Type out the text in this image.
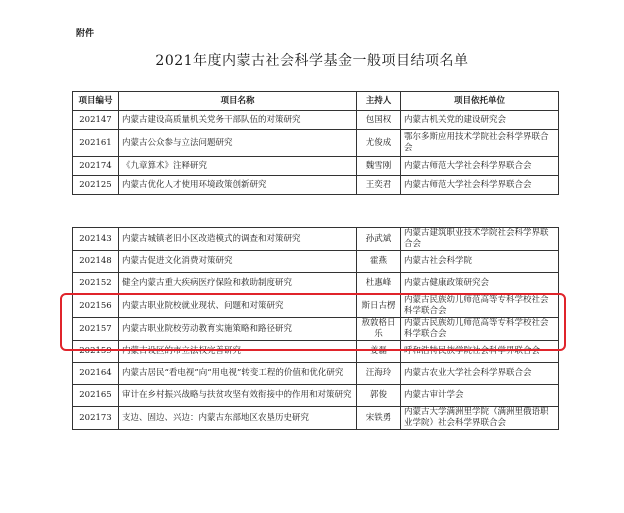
附件
2021年度内蒙古社会科学基金一般项目结项名单
项目编号	项目名称	主持人	项目依托单位
202147	内蒙古建设高质量机关党务干部队伍的对策研究	包国权	内蒙古机关党的建设研究会
202161	内蒙古公众参与立法问题研究	尤俊成	鄂尔多斯应用技术学院社会科学界联合会
202174	《九章算术》注释研究	魏雪刚	内蒙古师范大学社会科学界联合会
202125	内蒙古优化人才使用环境政策创新研究	王奕君	内蒙古师范大学社会科学界联合会
202143	内蒙古城镇老旧小区改造模式的调查和对策研究	孙武斌	内蒙古建筑职业技术学院社会科学界联合会
202148	内蒙古促进文化消费对策研究	霍燕	内蒙古社会科学院
202152	健全内蒙古重大疾病医疗保险和救助制度研究	杜惠峰	内蒙古健康政策研究会
202156	内蒙古职业院校就业现状、问题和对策研究	斯日古楞	内蒙古民族幼儿师范高等专科学校社会科学联合会
202157	内蒙古职业院校劳动教育实施策略和路径研究	敖敦格日乐	内蒙古民族幼儿师范高等专科学校社会科学联合会
202159	内蒙古设区的市立法权完善研究	姜磊	呼和浩特民族学院社会科学界联合会
202164	内蒙古居民“看电视”向“用电视”转变工程的价值和优化研究	汪海玲	内蒙古农业大学社会科学界联合会
202165	审计在乡村振兴战略与扶贫攻坚有效衔接中的作用和对策研究	郭俊	内蒙古审计学会
202173	支边、固边、兴边：内蒙古东部地区农垦历史研究	宋铁勇	内蒙古大学满洲里学院（满洲里俄语职业学院）社会科学界联合会
